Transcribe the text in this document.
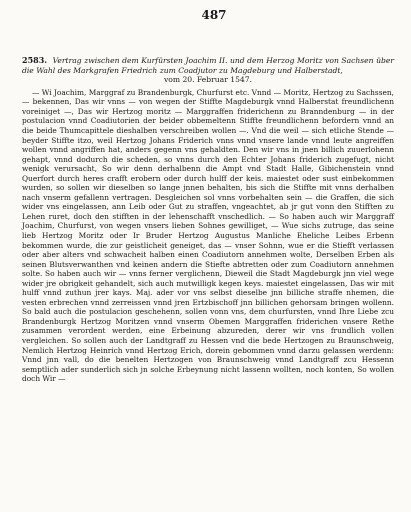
487
2583. Vertrag zwischen dem Kurfürsten Joachim II. und dem Herzog Moritz von Sachsen über die Wahl des Markgrafen Friedrich zum Coadjutor zu Magdeburg und Halberstadt,
vom 20. Februar 1547.

— Wi Joachim, Marggraf zu Brandenburgk, Churfurst etc. Vnnd — Moritz, Hertzog zu Sachssen, — bekennen, Das wir vnns — von wegen der Stiffte Magdeburgk vnnd Halberstat freundlichenn voreiniget —, Das wir Hertzog moritz — Marggraffen friderichenn zu Branndenburg — in der postulacion vnnd Coadiutorien der beider obbemeltenn Stiffte freundlichenn befordern vnnd an die beide Thumcapittele dieshalben verschreiben wollen —. Vnd die weil — sich etliche Stende — beyder Stiffte itzo, weil Hertzog Johans Friderich vnns vnnd vnsere lande vnnd leute angreiffen wollen vnnd angriffen hat, anders gegenn vns gehaldten. Den wir vns in jnen billich zuuerlohenn gehapt, vnnd dodurch die scheden, so vnns durch den Echter Johans friderich zugefugt, nicht wenigk verursacht, So wir denn derhalbenn die Ampt vnd Stadt Halle, Gibichenstein vnnd Querfort durch heres crafft erobern oder durch hulff der keis. maiestet oder sust einbekommen wurden, so sollen wir dieselben so lange jnnen behalten, bis sich die Stiffte mit vnns derhalben nach vnserm gefallenn vertragen. Desgleichen sol vnns vorbehalten sein — die Graffen, die sich wider vns eingelassen, ann Leib oder Gut zu straffen, vngeachtet, ab jr gut vonn den Stifften zu Lehen ruret, doch den stifften in der lehenschafft vnschedlich. — So haben auch wir Marggraff Joachim, Churfurst, von wegen vnsers lieben Sohnes gewilliget, — Wue sichs zutruge, das seine lieb Hertzog Moritz oder Ir Bruder Hertzog Augustus Manliche Eheliche Leibes Erbenn bekommen wurde, die zur geistlicheit geneiget, das — vnser Sohnn, wue er die Stiefft verlassen oder aber alters vnd schwacheit halben einen Coadiutorn annehmen wolte, Derselben Erben als seinen Blutsverwanthen vnd keinen andern die Stiefte abtretten oder zum Coadiutorn annehmen solte. So haben auch wir — vnns ferner verglichenn, Dieweil die Stadt Magdeburgk jnn viel wege wider jre obrigkeit gehandelt, sich auch mutwilligk kegen keys. maiestet eingelassen, Das wir mit hulff vnnd zuthun jrer kays. Maj. ader vor vns selbst dieselbe jnn billiche straffe nhemen, die vesten erbrechen vnnd zerreissen vnnd jren Ertzbischoff jnn billichen gehorsam bringen wollenn. So bald auch die postulacion geschehenn, sollen vonn vns, dem churfursten, vnnd Ihre Liebe zcu Brandenburgk Hertzog Moritzen vnnd vnserm Obemen Marggraffen friderichen vnsere Rethe zusammen verordent werden, eine Erbeinung abzureden, derer wir vns frundlich vollen vergleichen. So sollen auch der Landtgraff zu Hessen vnd die bede Hertzogen zu Braunschweig, Nemlich Hertzog Heinrich vnnd Hertzog Erich, dorein gebommen vnnd darzu gelassen werdenn: Vnnd jnn vall, do die benelten Hertzogen von Braunschweig vnnd Landtgraff zcu Hessenn semptlich ader sunderlich sich jn solche Erbeynung nicht lassenn wollten, noch konten, So wollen doch Wir —
